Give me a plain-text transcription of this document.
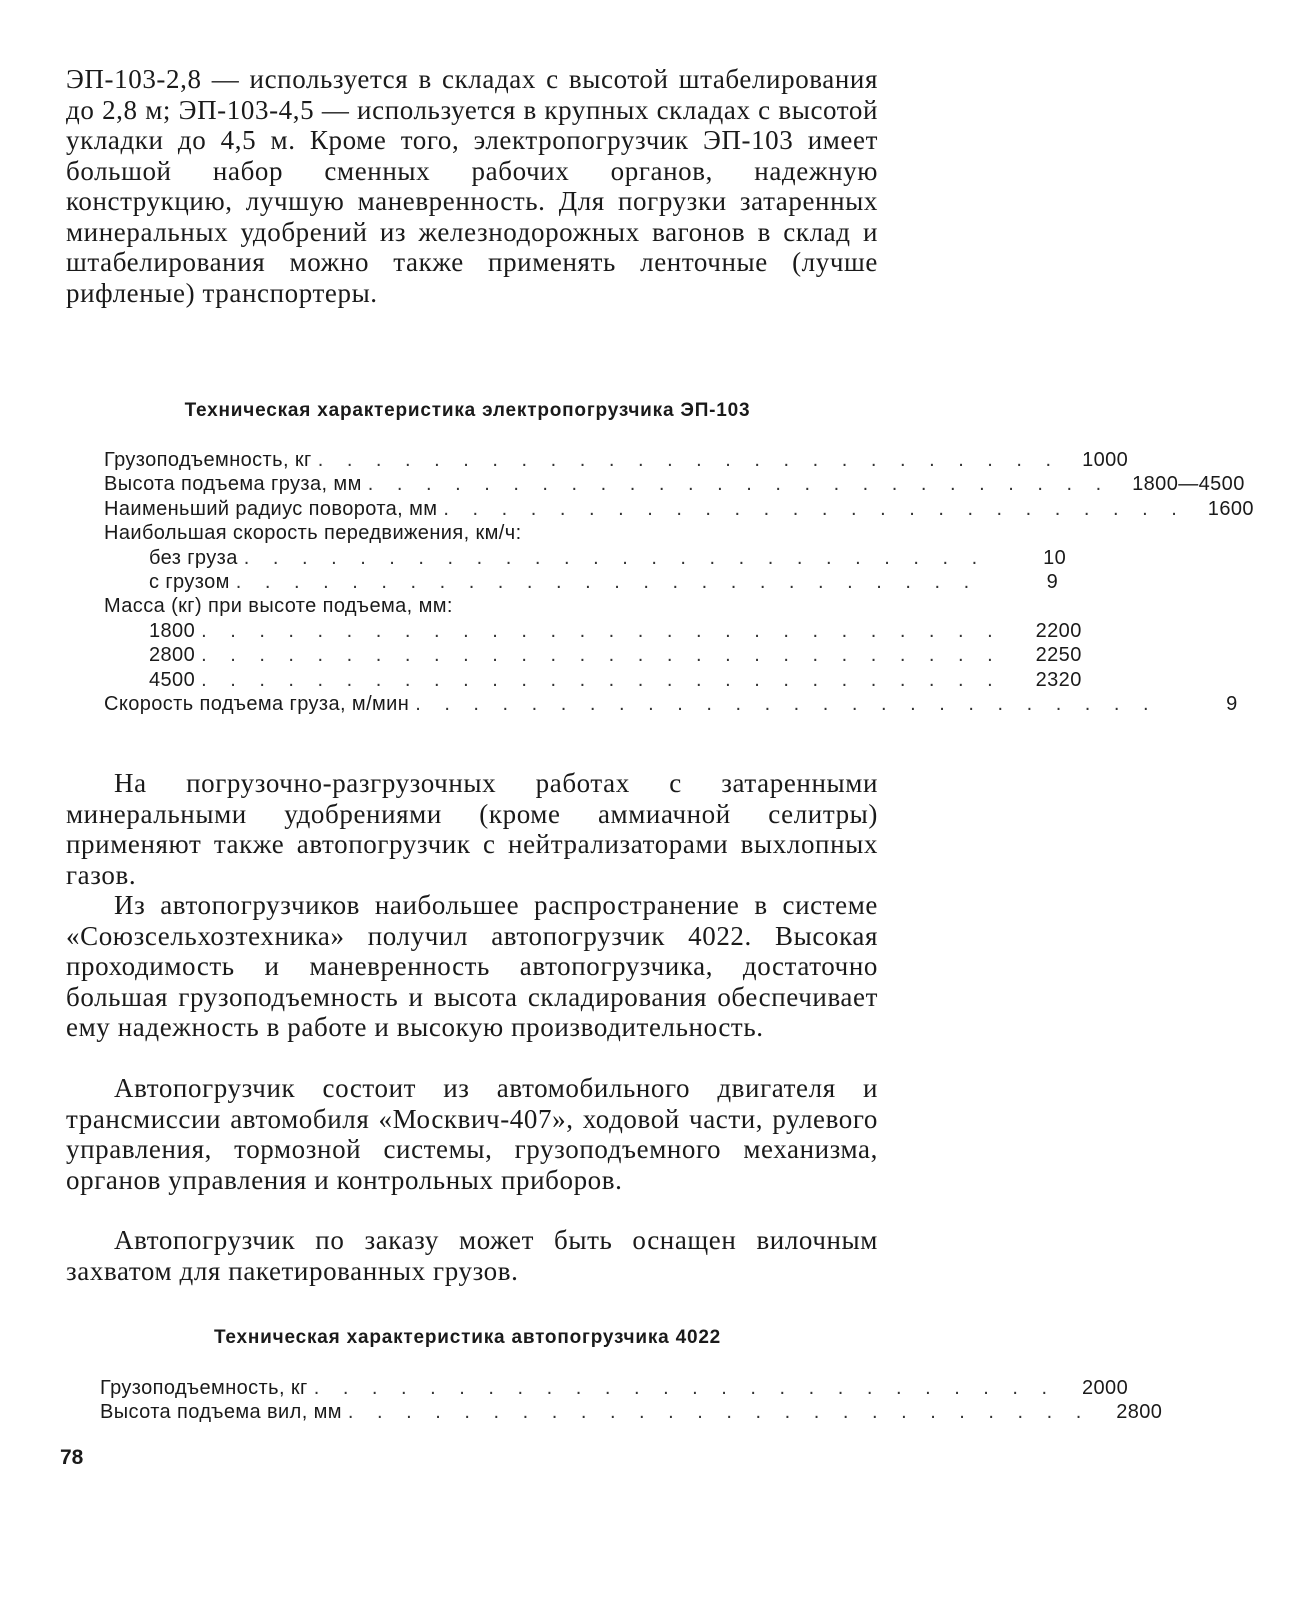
ЭП-103-2,8 — используется в складах с высотой штабелирования до 2,8 м; ЭП-103-4,5 — используется в крупных складах с высотой укладки до 4,5 м. Кроме того, электропогрузчик ЭП-103 имеет большой набор сменных рабочих органов, надежную конструкцию, лучшую маневренность. Для погрузки затаренных минеральных удобрений из железнодорожных вагонов в склад и штабелирования можно также применять ленточные (лучше рифленые) транспортеры.

Техническая характеристика электропогрузчика ЭП-103

Грузоподъемность, кг . . . . . . . . . . . . . . . . . . . . . . . . . .	1000
Высота подъема груза, мм . . . . . . . . . . . . . . . . . . . . . . . . . .	1800—4500
Наименьший радиус поворота, мм . . . . . . . . . . . . . . . . . . . . . . . . . .	1600
Наибольшая скорость передвижения, км/ч:
без груза . . . . . . . . . . . . . . . . . . . . . . . . . .	10
с грузом . . . . . . . . . . . . . . . . . . . . . . . . . .	9
Масса (кг) при высоте подъема, мм:
1800 . . . . . . . . . . . . . . . . . . . . . . . . . . . .	2200
2800 . . . . . . . . . . . . . . . . . . . . . . . . . . . .	2250
4500 . . . . . . . . . . . . . . . . . . . . . . . . . . . .	2320
Скорость подъема груза, м/мин . . . . . . . . . . . . . . . . . . . . . . . . . .	9

На погрузочно-разгрузочных работах с затаренными минеральными удобрениями (кроме аммиачной селитры) применяют также автопогрузчик с нейтрализаторами выхлопных газов.

Из автопогрузчиков наибольшее распространение в системе «Союзсельхозтехника» получил автопогрузчик 4022. Высокая проходимость и маневренность автопогрузчика, достаточно большая грузоподъемность и высота складирования обеспечивает ему надежность в работе и высокую производительность.

Автопогрузчик состоит из автомобильного двигателя и трансмиссии автомобиля «Москвич-407», ходовой части, рулевого управления, тормозной системы, грузоподъемного механизма, органов управления и контрольных приборов.

Автопогрузчик по заказу может быть оснащен вилочным захватом для пакетированных грузов.

Техническая характеристика автопогрузчика 4022

Грузоподъемность, кг . . . . . . . . . . . . . . . . . . . . . . . . . .	2000
Высота подъема вил, мм . . . . . . . . . . . . . . . . . . . . . . . . . .	2800

78
